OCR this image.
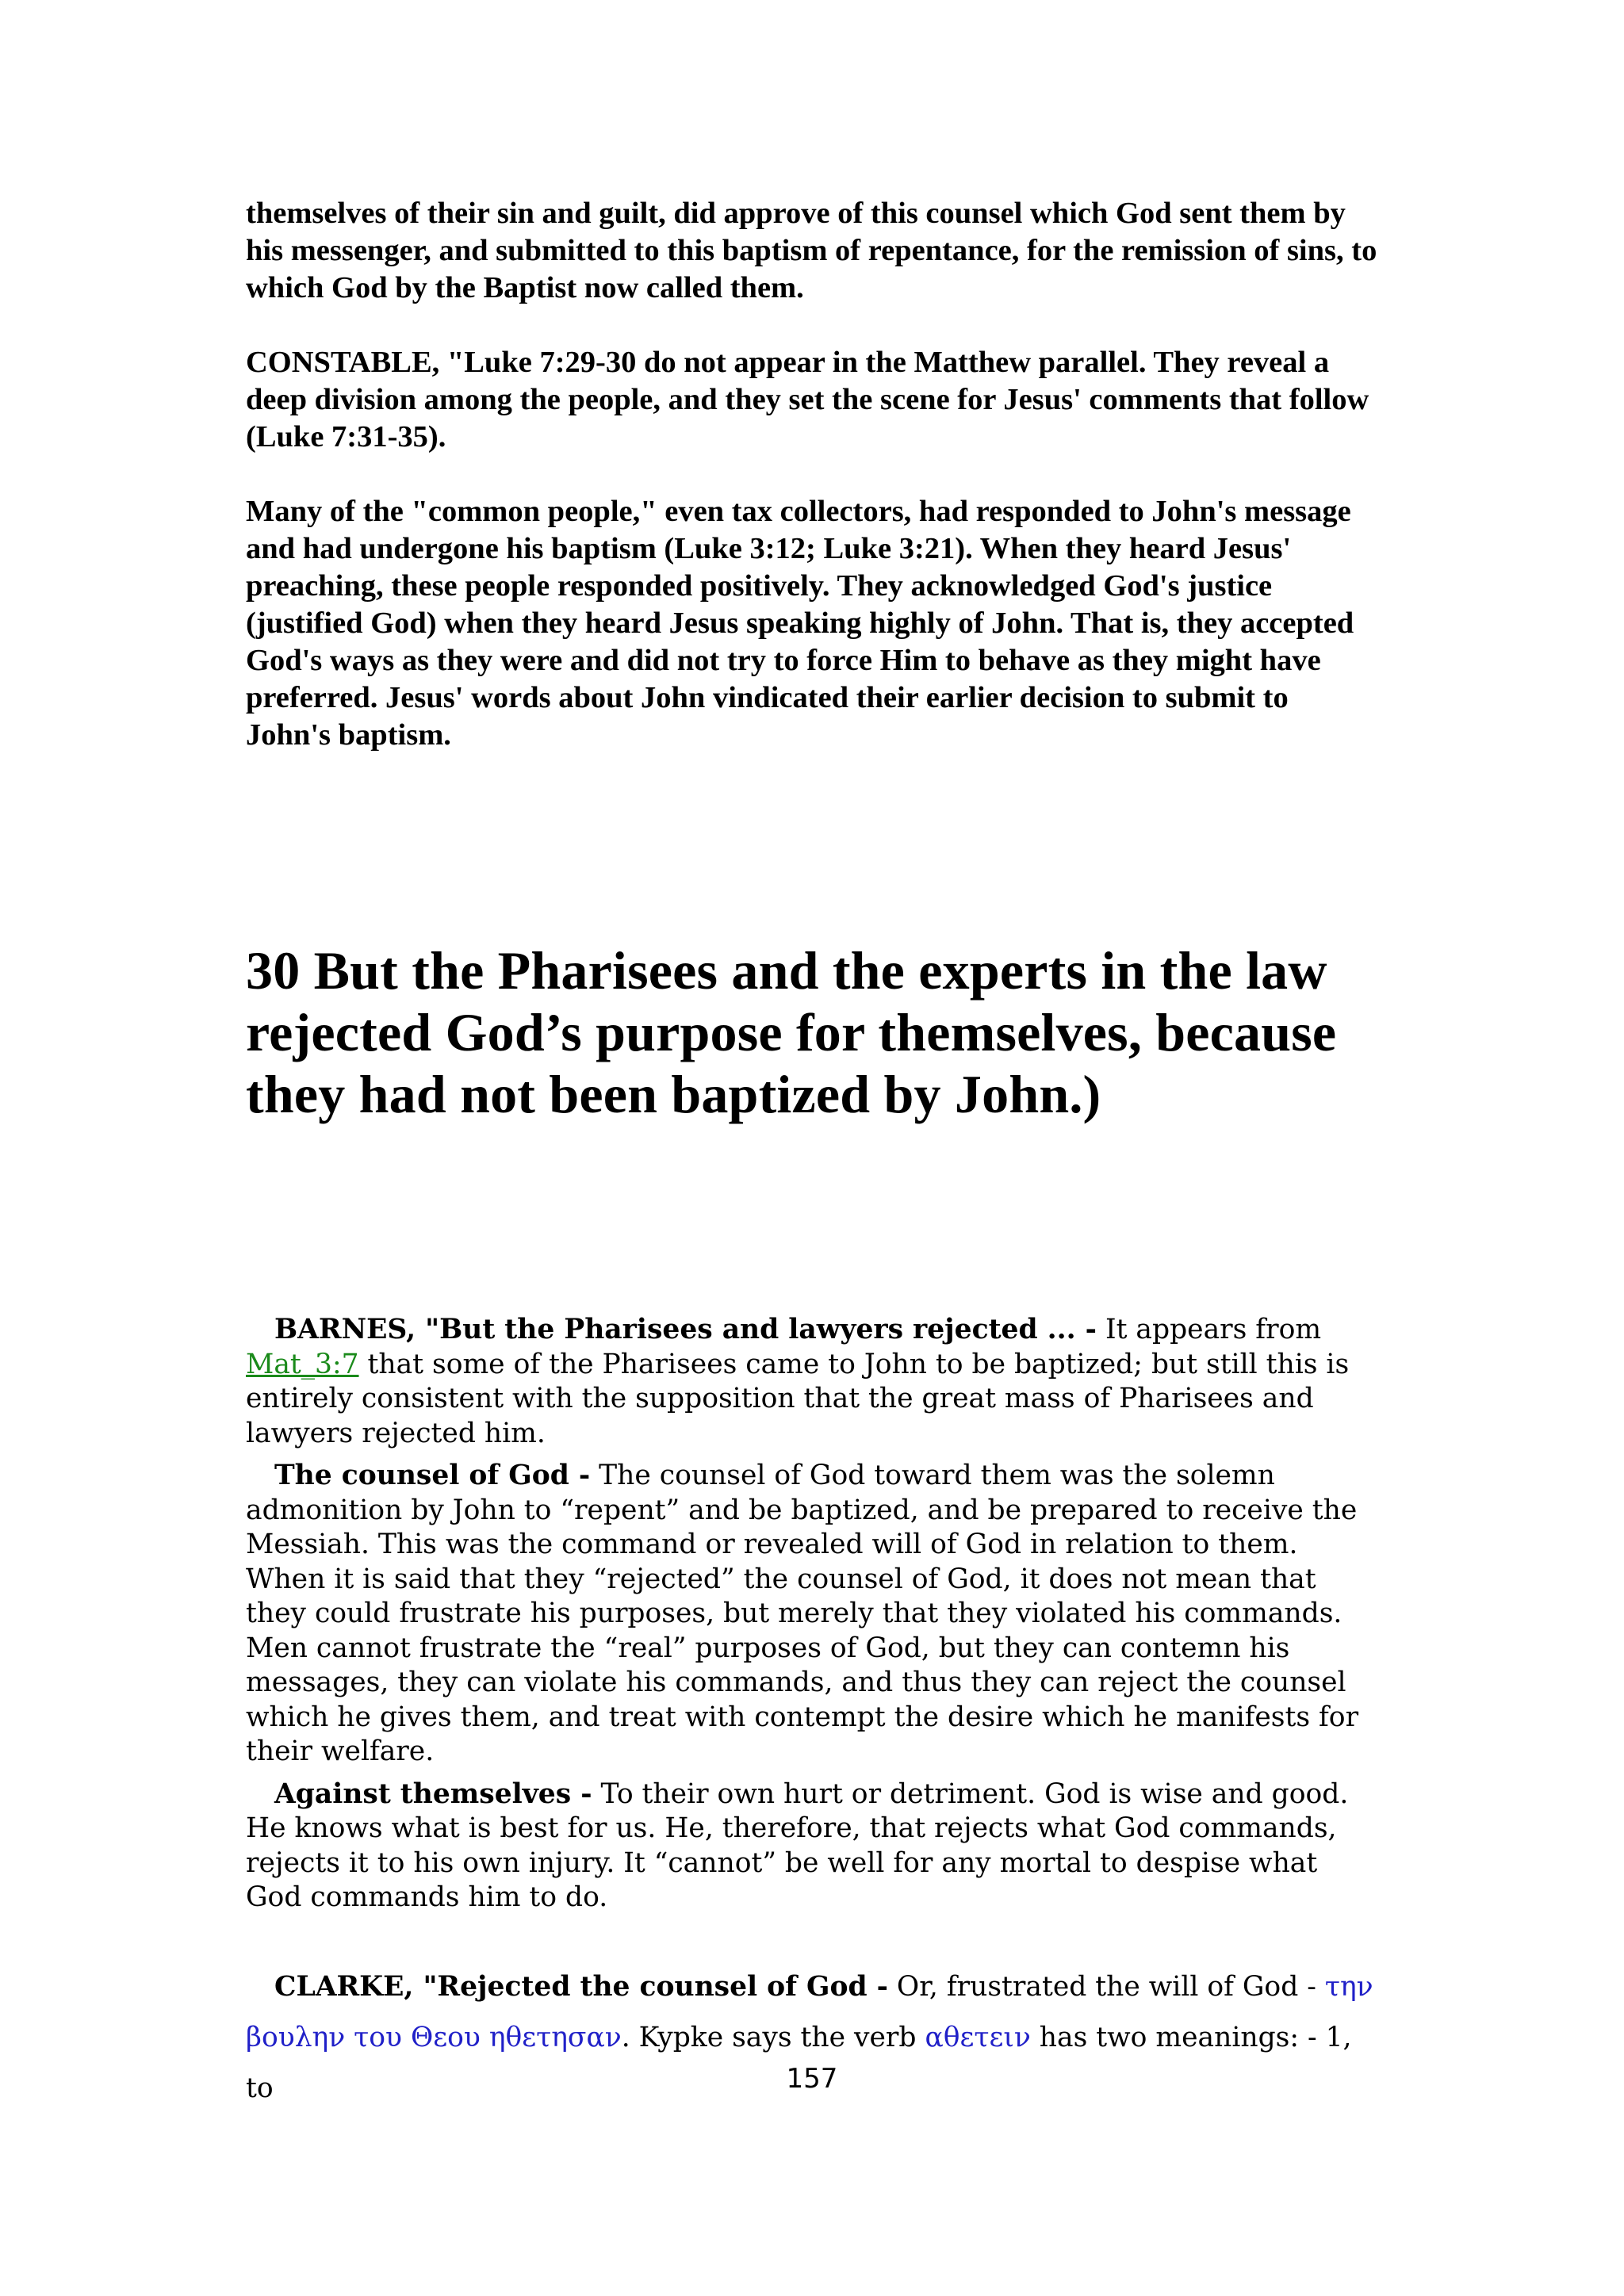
themselves of their sin and guilt, did approve of this counsel which God sent them by his messenger, and submitted to this baptism of repentance, for the remission of sins, to which God by the Baptist now called them.

CONSTABLE, "Luke 7:29-30 do not appear in the Matthew parallel. They reveal a deep division among the people, and they set the scene for Jesus' comments that follow (Luke 7:31-35).

Many of the "common people," even tax collectors, had responded to John's message and had undergone his baptism (Luke 3:12; Luke 3:21). When they heard Jesus' preaching, these people responded positively. They acknowledged God's justice (justified God) when they heard Jesus speaking highly of John. That is, they accepted God's ways as they were and did not try to force Him to behave as they might have preferred. Jesus' words about John vindicated their earlier decision to submit to John's baptism.

30 But the Pharisees and the experts in the law rejected God’s purpose for themselves, because they had not been baptized by John.)

BARNES, "But the Pharisees and lawyers rejected ... - It appears from Mat_3:7 that some of the Pharisees came to John to be baptized; but still this is entirely consistent with the supposition that the great mass of Pharisees and lawyers rejected him.

The counsel of God - The counsel of God toward them was the solemn admonition by John to “repent” and be baptized, and be prepared to receive the Messiah. This was the command or revealed will of God in relation to them. When it is said that they “rejected” the counsel of God, it does not mean that they could frustrate his purposes, but merely that they violated his commands. Men cannot frustrate the “real” purposes of God, but they can contemn his messages, they can violate his commands, and thus they can reject the counsel which he gives them, and treat with contempt the desire which he manifests for their welfare.

Against themselves - To their own hurt or detriment. God is wise and good. He knows what is best for us. He, therefore, that rejects what God commands, rejects it to his own injury. It “cannot” be well for any mortal to despise what God commands him to do.

CLARKE, "Rejected the counsel of God - Or, frustrated the will of God - την βουλην του Θεου ηθετησαν. Kypke says the verb αθετειν has two meanings: - 1, to	157
